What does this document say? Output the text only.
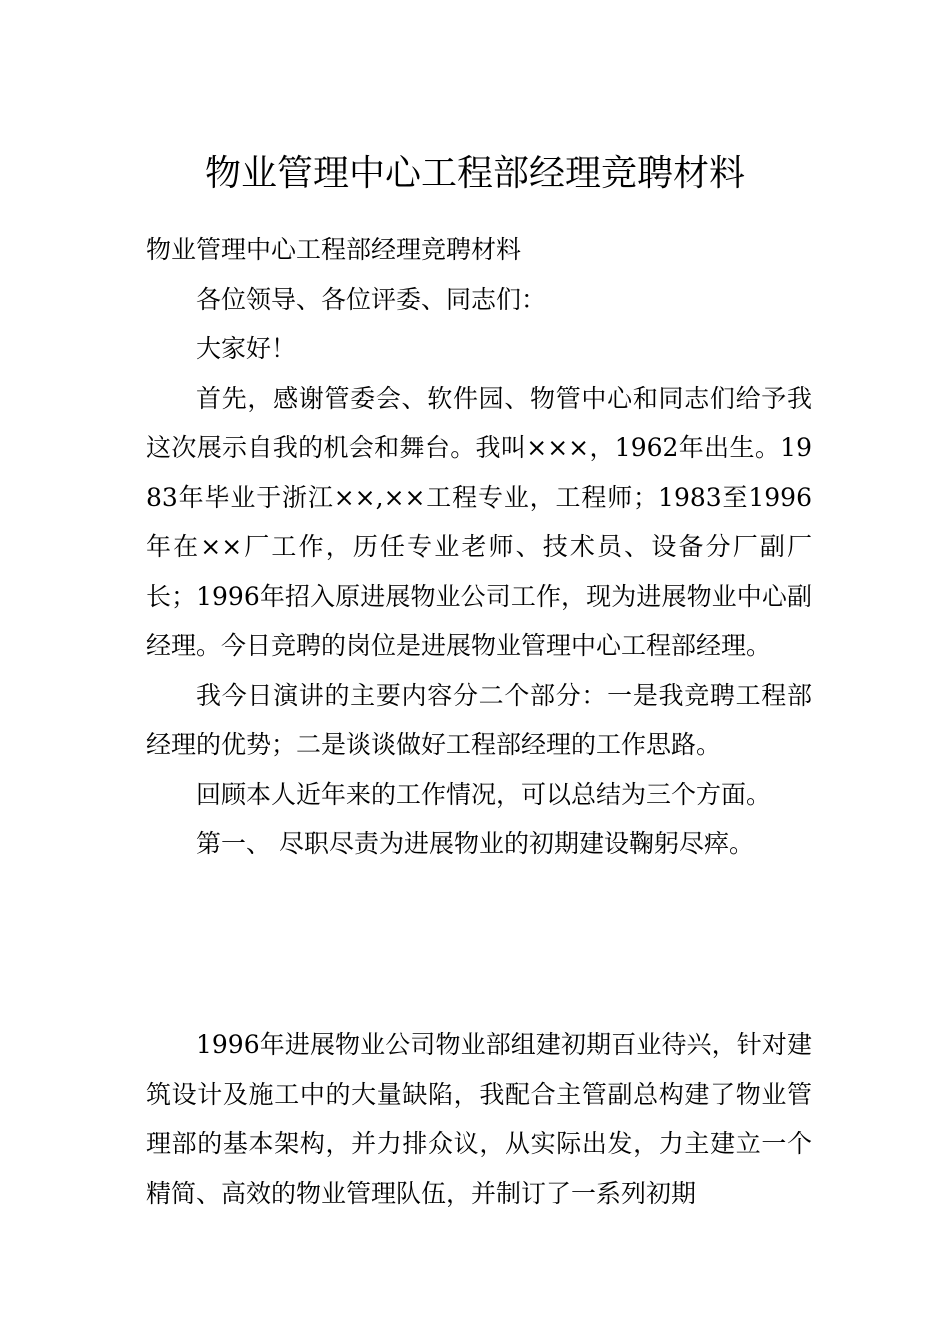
物业管理中心工程部经理竞聘材料

物业管理中心工程部经理竞聘材料

各位领导、各位评委、同志们：

大家好！

首先，感谢管委会、软件园、物管中心和同志们给予我这次展示自我的机会和舞台。我叫×××，1962年出生。1983年毕业于浙江××,××工程专业，工程师；1983至1996年在××厂工作，历任专业老师、技术员、设备分厂副厂长；1996年招入原进展物业公司工作，现为进展物业中心副经理。今日竞聘的岗位是进展物业管理中心工程部经理。

我今日演讲的主要内容分二个部分：一是我竞聘工程部经理的优势；二是谈谈做好工程部经理的工作思路。

回顾本人近年来的工作情况，可以总结为三个方面。

第一、 尽职尽责为进展物业的初期建设鞠躬尽瘁。

1996年进展物业公司物业部组建初期百业待兴，针对建筑设计及施工中的大量缺陷，我配合主管副总构建了物业管理部的基本架构，并力排众议，从实际出发，力主建立一个精简、高效的物业管理队伍，并制订了一系列初期
